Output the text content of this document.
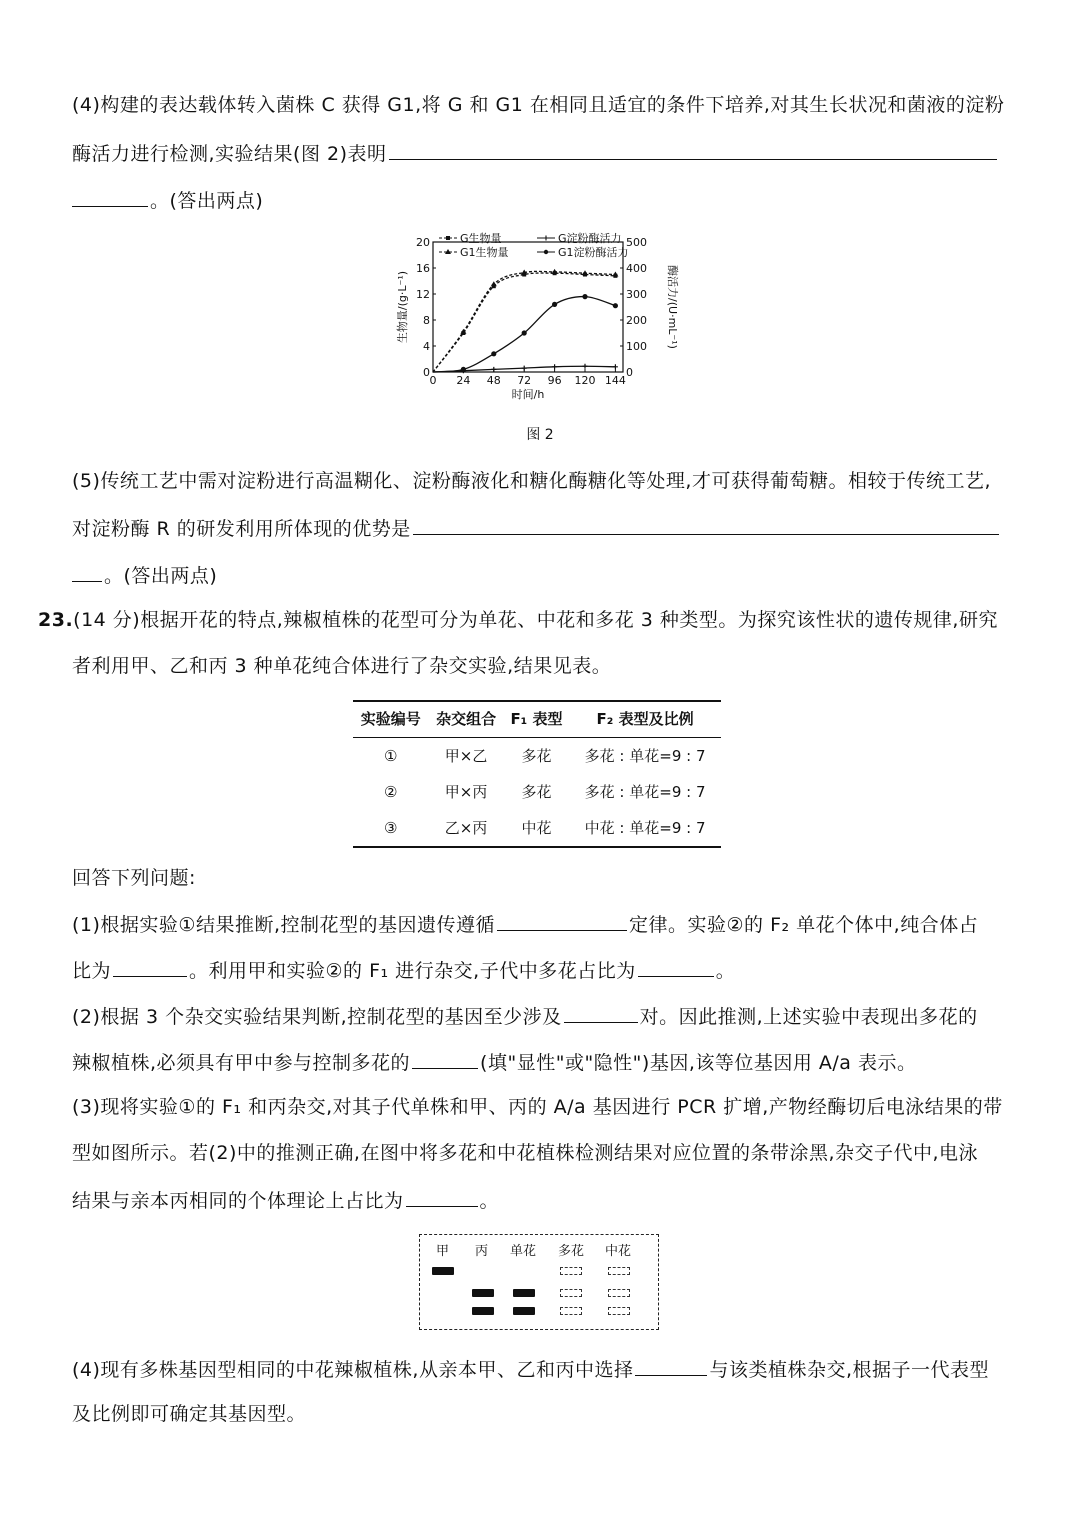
(4)构建的表达载体转入菌株 C 获得 G1,将 G 和 G1 在相同且适宜的条件下培养,对其生长状况和菌液的淀粉
酶活力进行检测,实验结果(图 2)表明
。(答出两点)
0 24 48 72 96 120 144
0
4
8
12
16
20
0
100
200
300
400
500
时间/h
生物量/(g·L⁻¹)	酶活力/(U·mL⁻¹)
G生物量	G淀粉酶活力
G1生物量	G1淀粉酶活力
图 2
(5)传统工艺中需对淀粉进行高温糊化、淀粉酶液化和糖化酶糖化等处理,才可获得葡萄糖。相较于传统工艺,
对淀粉酶 R 的研发利用所体现的优势是
。(答出两点)
23.(14 分)根据开花的特点,辣椒植株的花型可分为单花、中花和多花 3 种类型。为探究该性状的遗传规律,研究
者利用甲、乙和丙 3 种单花纯合体进行了杂交实验,结果见表。
实验编号	杂交组合	F₁ 表型	F₂ 表型及比例
①	甲×乙	多花	多花 : 单花=9 : 7
②	甲×丙	多花	多花 : 单花=9 : 7
③	乙×丙	中花	中花 : 单花=9 : 7
回答下列问题:
(1)根据实验①结果推断,控制花型的基因遗传遵循	定律。实验②的 F₂ 单花个体中,纯合体占
比为	。利用甲和实验②的 F₁ 进行杂交,子代中多花占比为	。
(2)根据 3 个杂交实验结果判断,控制花型的基因至少涉及	对。因此推测,上述实验中表现出多花的
辣椒植株,必须具有甲中参与控制多花的	(填"显性"或"隐性")基因,该等位基因用 A/a 表示。
(3)现将实验①的 F₁ 和丙杂交,对其子代单株和甲、丙的 A/a 基因进行 PCR 扩增,产物经酶切后电泳结果的带
型如图所示。若(2)中的推测正确,在图中将多花和中花植株检测结果对应位置的条带涂黑,杂交子代中,电泳
结果与亲本丙相同的个体理论上占比为	。
甲 丙 单花 多花 中花
(4)现有多株基因型相同的中花辣椒植株,从亲本甲、乙和丙中选择	与该类植株杂交,根据子一代表型
及比例即可确定其基因型。
